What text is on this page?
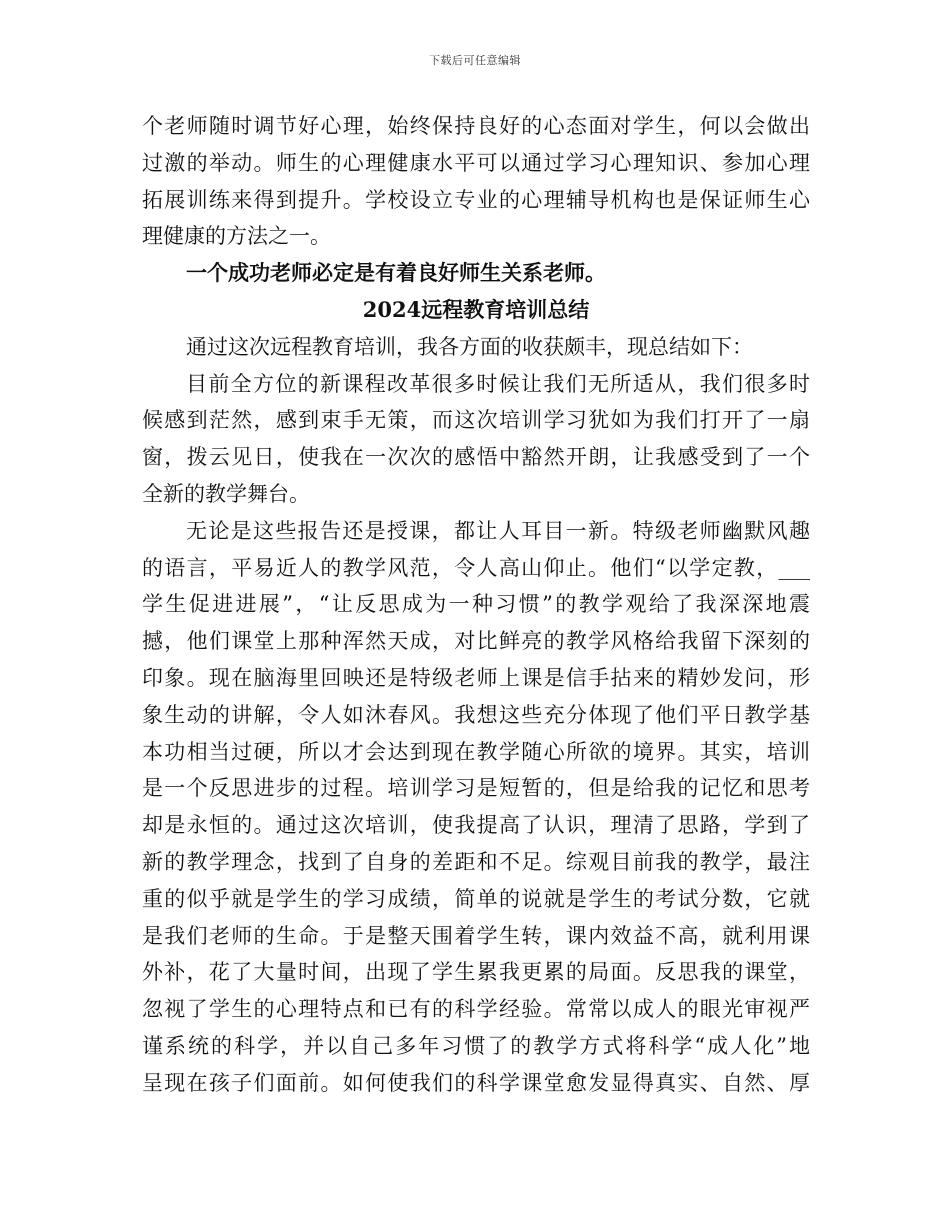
下载后可任意编辑
个老师随时调节好心理，始终保持良好的心态面对学生，何以会做出
过激的举动。师生的心理健康水平可以通过学习心理知识、参加心理
拓展训练来得到提升。学校设立专业的心理辅导机构也是保证师生心
理健康的方法之一。
一个成功老师必定是有着良好师生关系老师。
2024远程教育培训总结
通过这次远程教育培训，我各方面的收获颇丰，现总结如下：
目前全方位的新课程改革很多时候让我们无所适从，我们很多时
候感到茫然，感到束手无策，而这次培训学习犹如为我们打开了一扇
窗，拨云见日，使我在一次次的感悟中豁然开朗，让我感受到了一个
全新的教学舞台。
无论是这些报告还是授课，都让人耳目一新。特级老师幽默风趣
的语言，平易近人的教学风范，令人高山仰止。他们“以学定教，___
学生促进进展”，“让反思成为一种习惯”的教学观给了我深深地震
撼，他们课堂上那种浑然天成，对比鲜亮的教学风格给我留下深刻的
印象。现在脑海里回映还是特级老师上课是信手拈来的精妙发问，形
象生动的讲解，令人如沐春风。我想这些充分体现了他们平日教学基
本功相当过硬，所以才会达到现在教学随心所欲的境界。其实，培训
是一个反思进步的过程。培训学习是短暂的，但是给我的记忆和思考
却是永恒的。通过这次培训，使我提高了认识，理清了思路，学到了
新的教学理念，找到了自身的差距和不足。综观目前我的教学，最注
重的似乎就是学生的学习成绩，简单的说就是学生的考试分数，它就
是我们老师的生命。于是整天围着学生转，课内效益不高，就利用课
外补，花了大量时间，出现了学生累我更累的局面。反思我的课堂，
忽视了学生的心理特点和已有的科学经验。常常以成人的眼光审视严
谨系统的科学，并以自己多年习惯了的教学方式将科学“成人化”地
呈现在孩子们面前。如何使我们的科学课堂愈发显得真实、自然、厚
